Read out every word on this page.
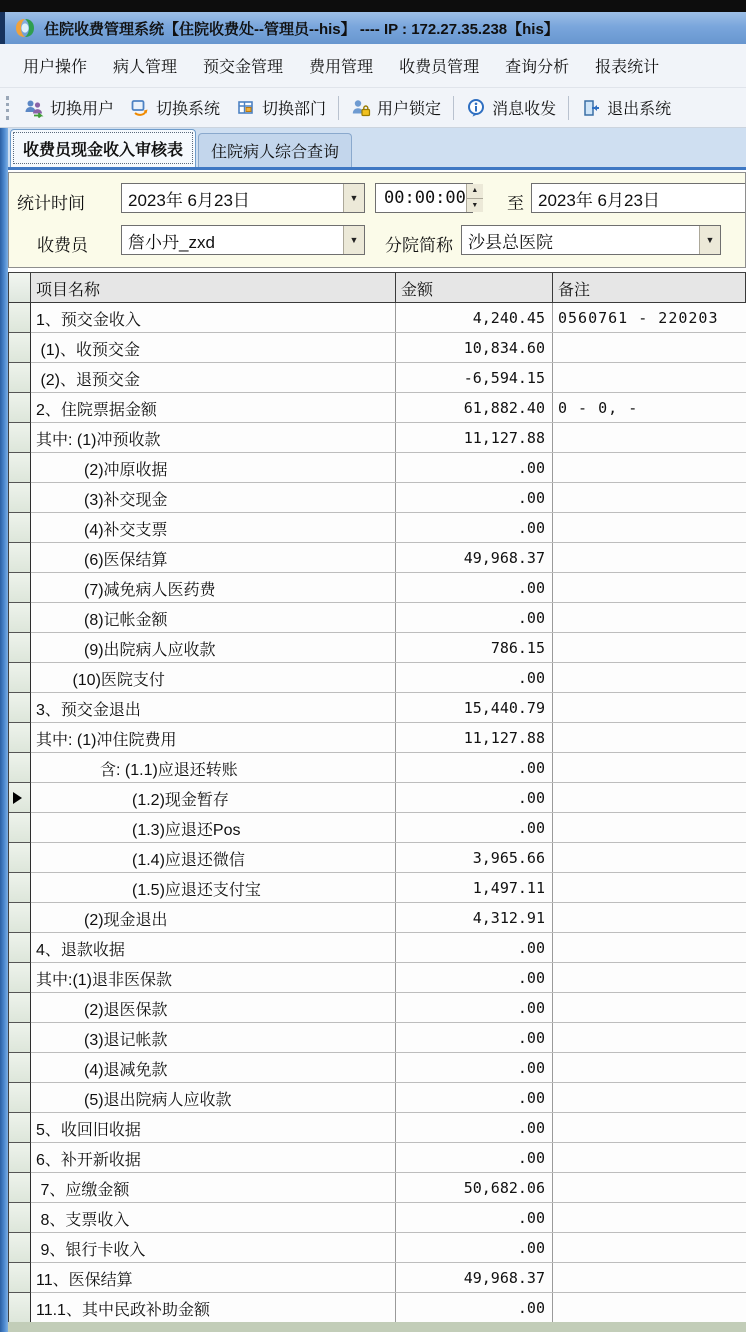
住院收费管理系统【住院收费处--管理员--his】 ---- IP : 172.27.35.238【his】
用户操作	病人管理	预交金管理	费用管理	收费员管理	查询分析	报表统计
切换用户	切换系统	切换部门	用户锁定	消息收发	退出系统
收费员现金收入审核表	住院病人综合查询
统计时间	2023年 6月23日	▼	00:00:00 ▲
▼ 至 2023年 6月23日
收费员	詹小丹_zxd	▼	分院简称 沙县总医院	▼
项目名称	金额	备注
1、预交金收入	4,240.45 0560761 - 220203
(1)、收预交金	10,834.60
(2)、退预交金	-6,594.15
2、住院票据金额	61,882.40 0 - 0, -
其中: (1)冲预收款	11,127.88
　　　(2)冲原收据	.00
　　　(3)补交现金	.00
　　　(4)补交支票	.00
　　　(6)医保结算	49,968.37
　　　(7)减免病人医药费	.00
　　　(8)记帐金额	.00
　　　(9)出院病人应收款	786.15
　　 (10)医院支付	.00
3、预交金退出	15,440.79
其中: (1)冲住院费用	11,127.88
　　　　含: (1.1)应退还转账	.00
　　　　　　(1.2)现金暂存	.00
　　　　　　(1.3)应退还Pos	.00
　　　　　　(1.4)应退还微信	3,965.66
　　　　　　(1.5)应退还支付宝	1,497.11
　　　(2)现金退出	4,312.91
4、退款收据	.00
其中:(1)退非医保款	.00
　　　(2)退医保款	.00
　　　(3)退记帐款	.00
　　　(4)退减免款	.00
　　　(5)退出院病人应收款	.00
5、收回旧收据	.00
6、补开新收据	.00
7、应缴金额	50,682.06
8、支票收入	.00
9、银行卡收入	.00
11、医保结算	49,968.37
11.1、其中民政补助金额	.00
